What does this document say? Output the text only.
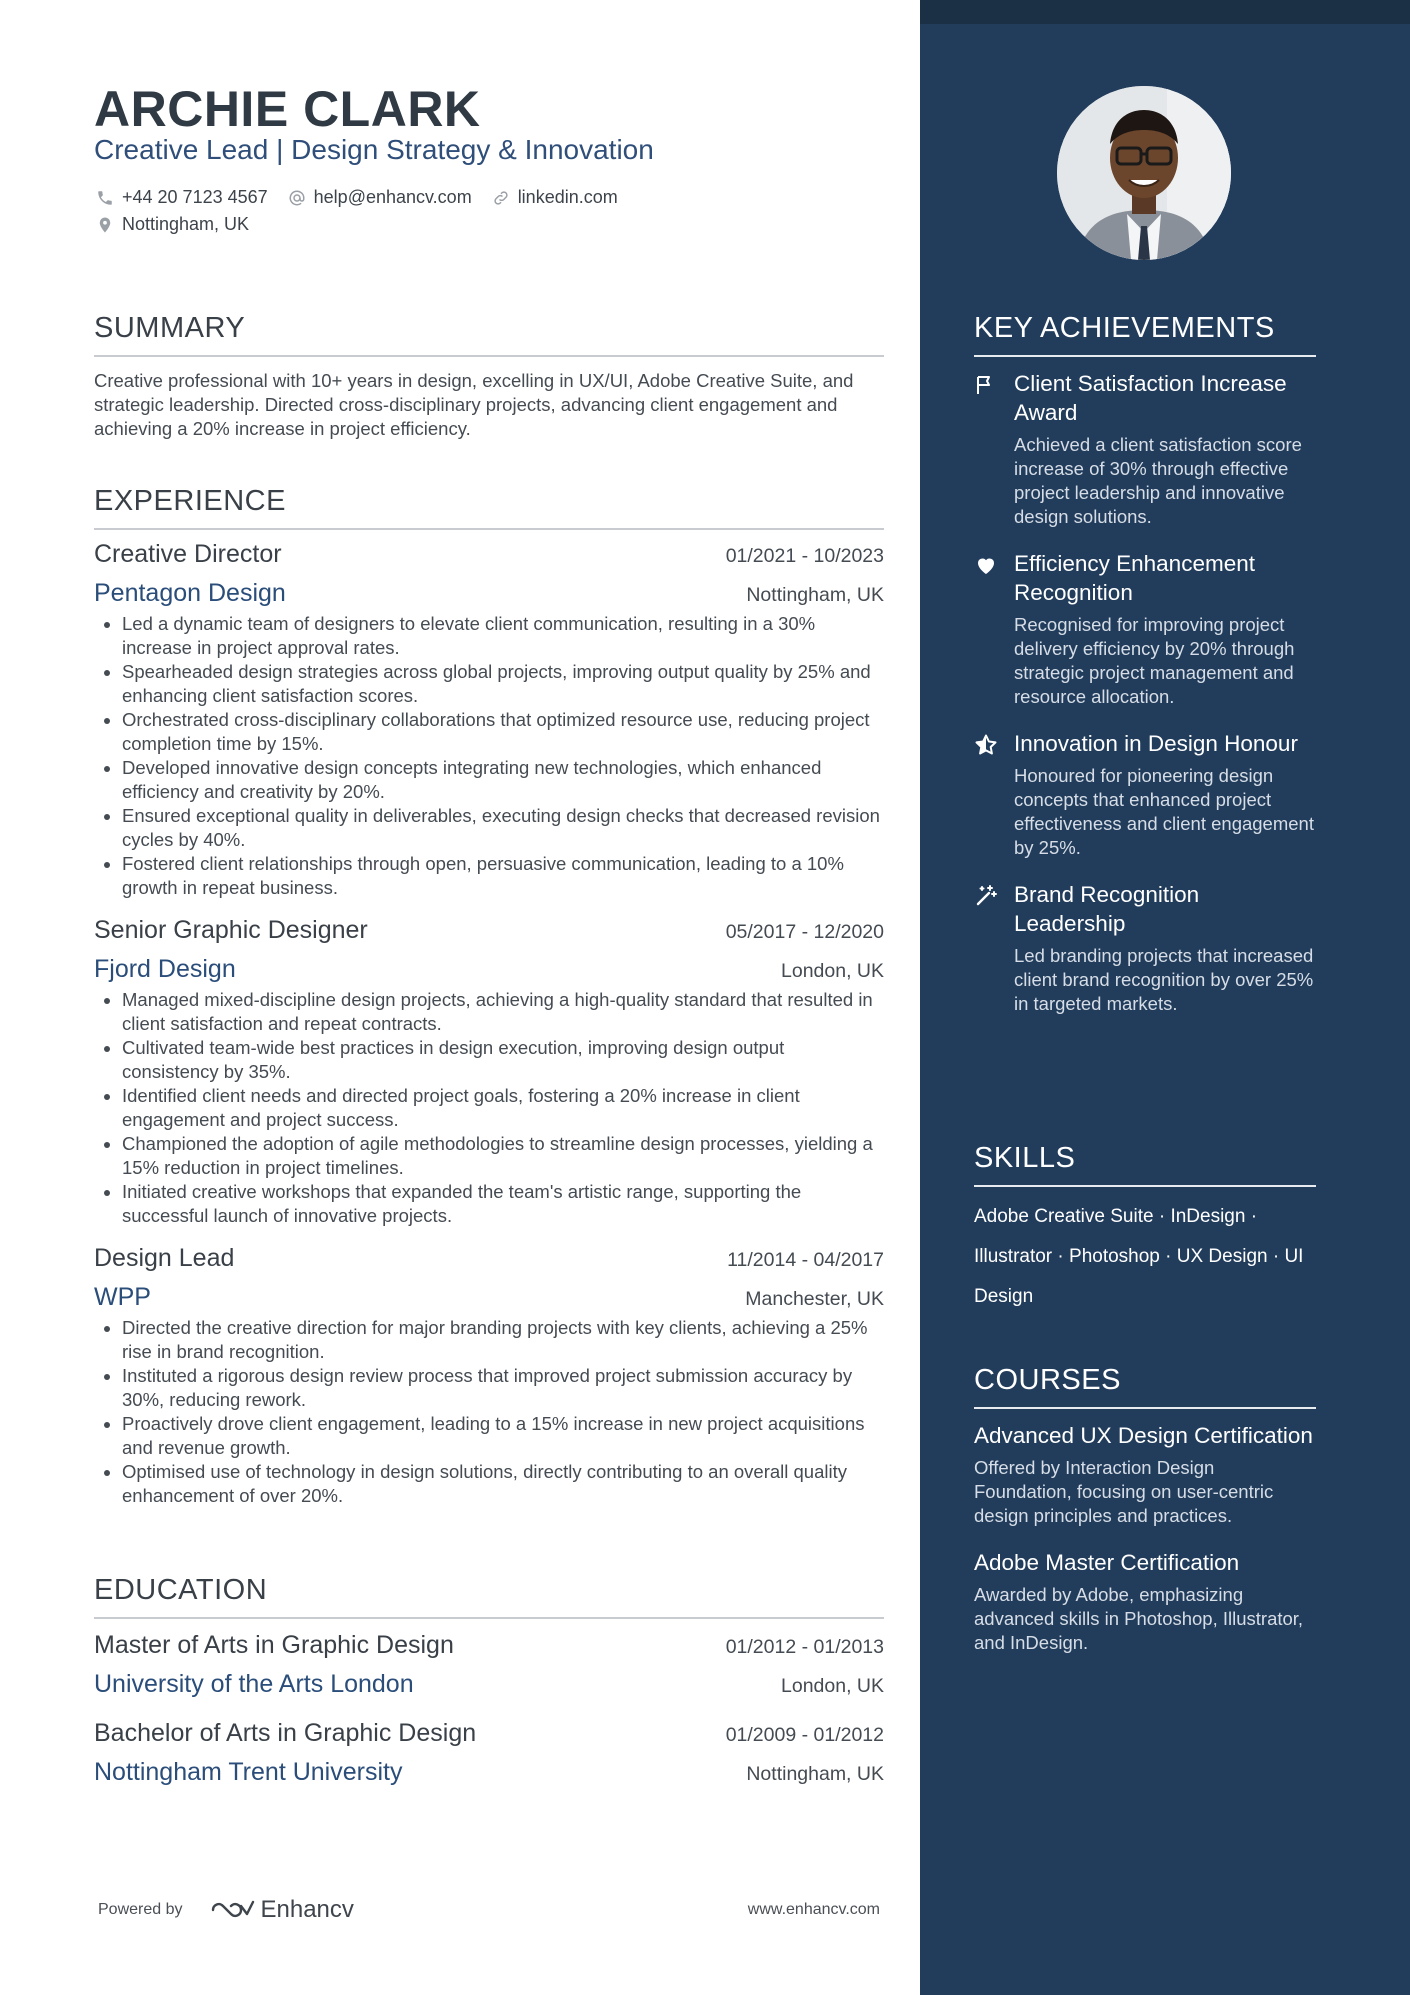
ARCHIE CLARK
Creative Lead | Design Strategy & Innovation
+44 20 7123 4567	help@enhancv.com	linkedin.com
Nottingham, UK
SUMMARY
Creative professional with 10+ years in design, excelling in UX/UI, Adobe Creative Suite, and strategic leadership. Directed cross-disciplinary projects, advancing client engagement and achieving a 20% increase in project efficiency.
EXPERIENCE
Creative Director	01/2021 - 10/2023
Pentagon Design	Nottingham, UK
• Led a dynamic team of designers to elevate client communication, resulting in a 30% increase in project approval rates.
• Spearheaded design strategies across global projects, improving output quality by 25% and enhancing client satisfaction scores.
• Orchestrated cross-disciplinary collaborations that optimized resource use, reducing project completion time by 15%.
• Developed innovative design concepts integrating new technologies, which enhanced efficiency and creativity by 20%.
• Ensured exceptional quality in deliverables, executing design checks that decreased revision cycles by 40%.
• Fostered client relationships through open, persuasive communication, leading to a 10% growth in repeat business.
Senior Graphic Designer	05/2017 - 12/2020
Fjord Design	London, UK
• Managed mixed-discipline design projects, achieving a high-quality standard that resulted in client satisfaction and repeat contracts.
• Cultivated team-wide best practices in design execution, improving design output consistency by 35%.
• Identified client needs and directed project goals, fostering a 20% increase in client engagement and project success.
• Championed the adoption of agile methodologies to streamline design processes, yielding a 15% reduction in project timelines.
• Initiated creative workshops that expanded the team's artistic range, supporting the successful launch of innovative projects.
Design Lead	11/2014 - 04/2017
WPP	Manchester, UK
• Directed the creative direction for major branding projects with key clients, achieving a 25% rise in brand recognition.
• Instituted a rigorous design review process that improved project submission accuracy by 30%, reducing rework.
• Proactively drove client engagement, leading to a 15% increase in new project acquisitions and revenue growth.
• Optimised use of technology in design solutions, directly contributing to an overall quality enhancement of over 20%.
EDUCATION
Master of Arts in Graphic Design	01/2012 - 01/2013
University of the Arts London	London, UK
Bachelor of Arts in Graphic Design	01/2009 - 01/2012
Nottingham Trent University	Nottingham, UK
Powered by	Enhancv	www.enhancv.com
KEY ACHIEVEMENTS
Client Satisfaction Increase Award
Achieved a client satisfaction score increase of 30% through effective project leadership and innovative design solutions.
Efficiency Enhancement Recognition
Recognised for improving project delivery efficiency by 20% through strategic project management and resource allocation.
Innovation in Design Honour
Honoured for pioneering design concepts that enhanced project effectiveness and client engagement by 25%.
Brand Recognition Leadership
Led branding projects that increased client brand recognition by over 25% in targeted markets.
SKILLS
Adobe Creative Suite · InDesign · Illustrator · Photoshop · UX Design · UI Design
COURSES
Advanced UX Design Certification
Offered by Interaction Design Foundation, focusing on user-centric design principles and practices.
Adobe Master Certification
Awarded by Adobe, emphasizing advanced skills in Photoshop, Illustrator, and InDesign.
